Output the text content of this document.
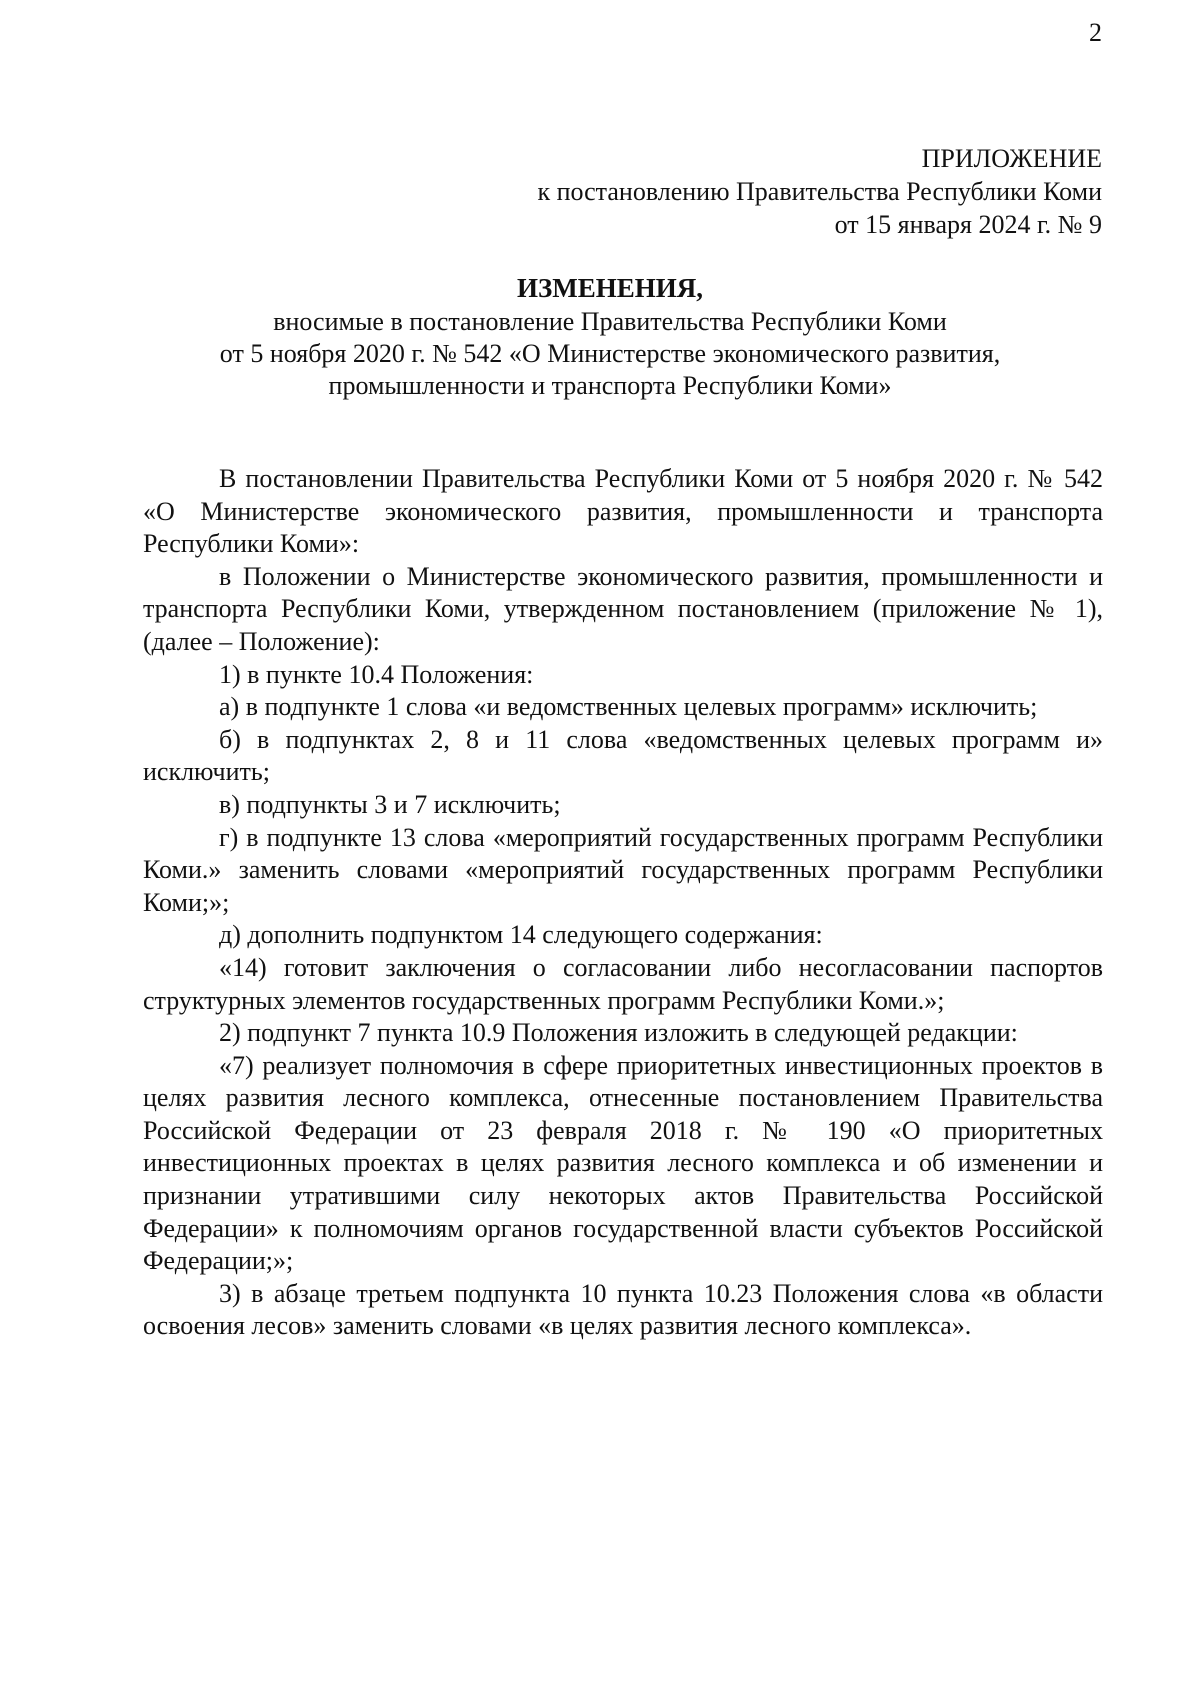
2
ПРИЛОЖЕНИЕ
к постановлению Правительства Республики Коми
от 15 января 2024 г. № 9
ИЗМЕНЕНИЯ,
вносимые в постановление Правительства Республики Коми
от 5 ноября 2020 г. № 542 «О Министерстве экономического развития,
промышленности и транспорта Республики Коми»

В постановлении Правительства Республики Коми от 5 ноября 2020 г. № 542 «О Министерстве экономического развития, промышленности и транспорта Республики Коми»:

в Положении о Министерстве экономического развития, промышленности и транспорта Республики Коми, утвержденном постановлением (приложение № 1), (далее – Положение):

1) в пункте 10.4 Положения:

а) в подпункте 1 слова «и ведомственных целевых программ» исключить;

б) в подпунктах 2, 8 и 11 слова «ведомственных целевых программ и» исключить;

в) подпункты 3 и 7 исключить;

г) в подпункте 13 слова «мероприятий государственных программ Республики Коми.» заменить словами «мероприятий государственных программ Республики Коми;»;

д) дополнить подпунктом 14 следующего содержания:

«14) готовит заключения о согласовании либо несогласовании паспортов структурных элементов государственных программ Республики Коми.»;

2) подпункт 7 пункта 10.9 Положения изложить в следующей редакции:

«7) реализует полномочия в сфере приоритетных инвестиционных проектов в целях развития лесного комплекса, отнесенные постановлением Правительства Российской Федерации от 23 февраля 2018 г. № 190 «О приоритетных инвестиционных проектах в целях развития лесного комплекса и об изменении и признании утратившими силу некоторых актов Правительства Российской Федерации» к полномочиям органов государственной власти субъектов Российской Федерации;»;

3) в абзаце третьем подпункта 10 пункта 10.23 Положения слова «в области освоения лесов» заменить словами «в целях развития лесного комплекса».
